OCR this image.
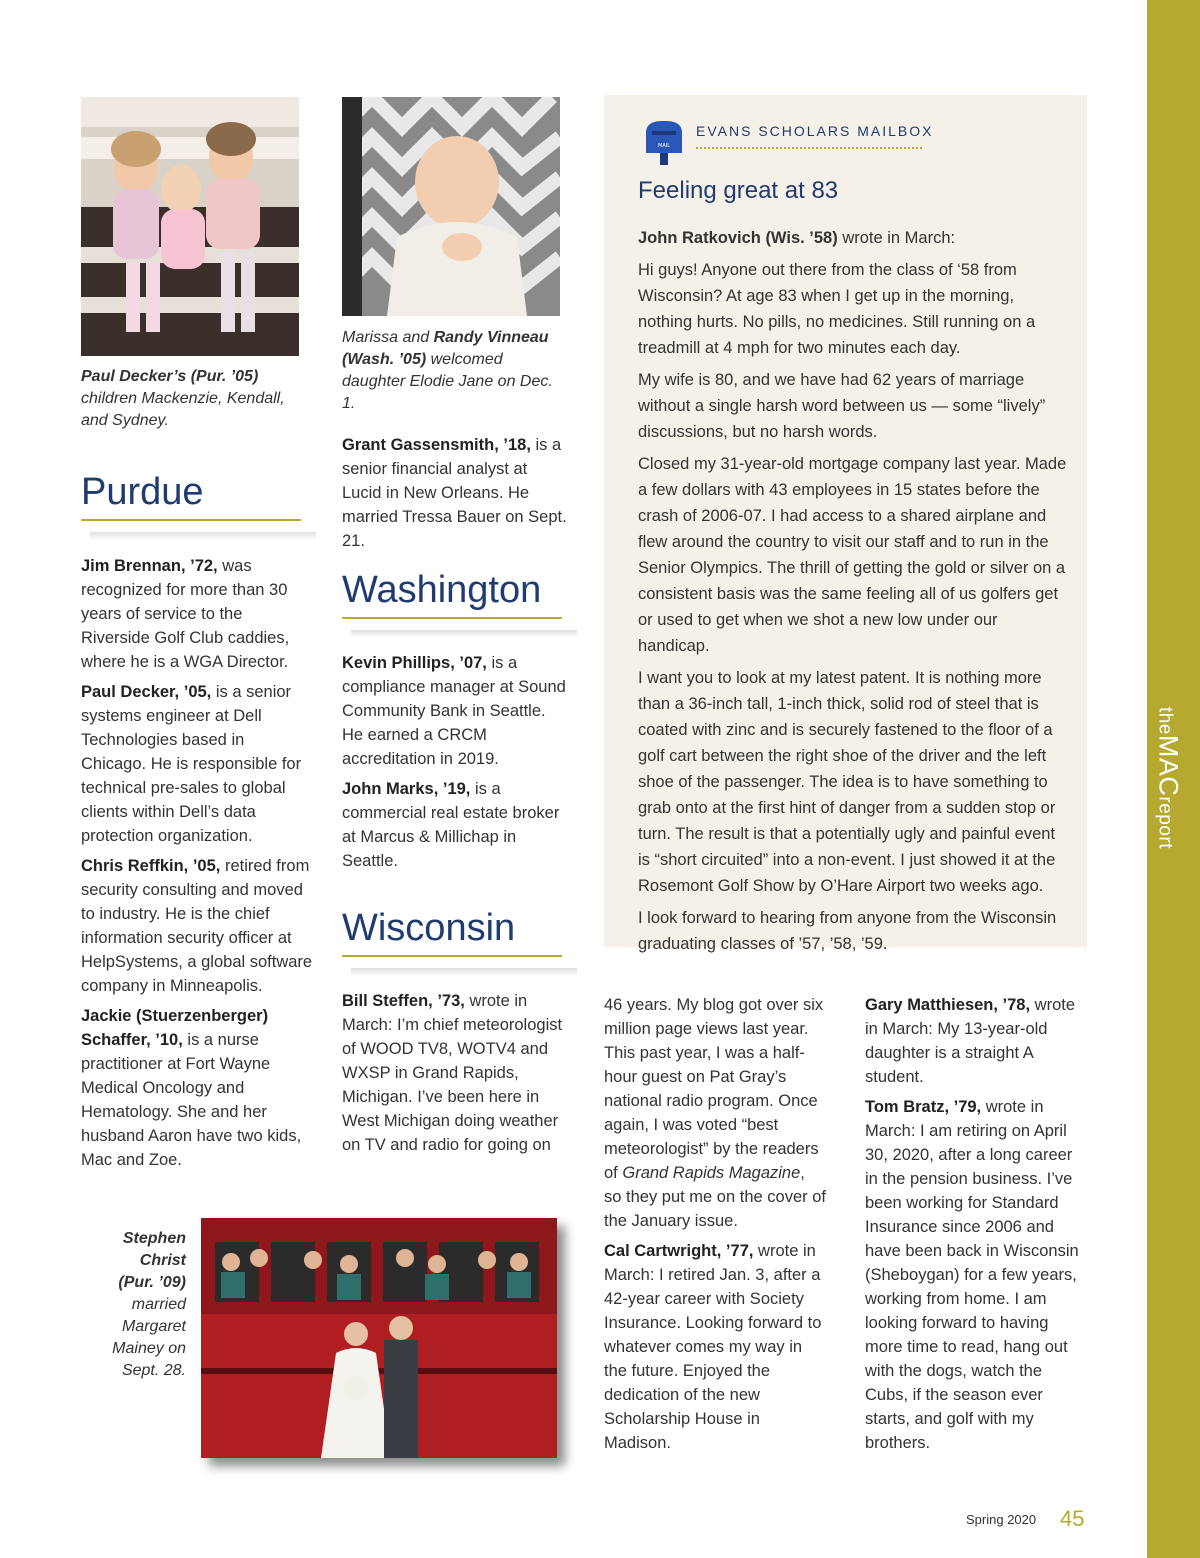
theMACreport
Paul Decker’s (Pur. ’05) children Mackenzie, Kendall, and Sydney.
Marissa and Randy Vinneau (Wash. ’05) welcomed daughter Elodie Jane on Dec. 1.
Purdue

Jim Brennan, ’72, was recognized for more than 30 years of service to the Riverside Golf Club caddies, where he is a WGA Director.

Paul Decker, ’05, is a senior systems engineer at Dell Technologies based in Chicago. He is responsible for technical pre-sales to global clients within Dell’s data protection organization.

Chris Reffkin, ’05, retired from security consulting and moved to industry. He is the chief information security officer at HelpSystems, a global software company in Minneapolis.

Jackie (Stuerzenberger) Schaffer, ’10, is a nurse practitioner at Fort Wayne Medical Oncology and Hematology. She and her husband Aaron have two kids, Mac and Zoe.

Grant Gassensmith, ’18, is a senior financial analyst at Lucid in New Orleans. He married Tressa Bauer on Sept. 21.

Washington

Kevin Phillips, ’07, is a compliance manager at Sound Community Bank in Seattle. He earned a CRCM accreditation in 2019.

John Marks, ’19, is a commercial real estate broker at Marcus & Millichap in Seattle.

Wisconsin

Bill Steffen, ’73, wrote in March: I’m chief meteorologist of WOOD TV8, WOTV4 and WXSP in Grand Rapids, Michigan. I’ve been here in West Michigan doing weather on TV and radio for going on

46 years. My blog got over six million page views last year. This past year, I was a half-hour guest on Pat Gray’s national radio program. Once again, I was voted “best meteorologist” by the readers of Grand Rapids Magazine, so they put me on the cover of the January issue.

Cal Cartwright, ’77, wrote in March: I retired Jan. 3, after a 42-year career with Society Insurance. Looking forward to whatever comes my way in the future. Enjoyed the dedication of the new Scholarship House in Madison.

Gary Matthiesen, ’78, wrote in March: My 13-year-old daughter is a straight A student.

Tom Bratz, ’79, wrote in March: I am retiring on April 30, 2020, after a long career in the pension business. I’ve been working for Standard Insurance since 2006 and have been back in Wisconsin (Sheboygan) for a few years, working from home. I am looking forward to having more time to read, hang out with the dogs, watch the Cubs, if the season ever starts, and golf with my brothers.

MAIL
EVANS SCHOLARS MAILBOX
Feeling great at 83

John Ratkovich (Wis. ’58) wrote in March:

Hi guys! Anyone out there from the class of ‘58 from Wisconsin? At age 83 when I get up in the morning, nothing hurts. No pills, no medicines. Still running on a treadmill at 4 mph for two minutes each day.

My wife is 80, and we have had 62 years of marriage without a single harsh word between us — some “lively” discussions, but no harsh words.

Closed my 31-year-old mortgage company last year. Made a few dollars with 43 employees in 15 states before the crash of 2006-07. I had access to a shared airplane and flew around the country to visit our staff and to run in the Senior Olympics. The thrill of getting the gold or silver on a consistent basis was the same feeling all of us golfers get or used to get when we shot a new low under our handicap.

I want you to look at my latest patent. It is nothing more than a 36-inch tall, 1-inch thick, solid rod of steel that is coated with zinc and is securely fastened to the floor of a golf cart between the right shoe of the driver and the left shoe of the passenger. The idea is to have something to grab onto at the first hint of danger from a sudden stop or turn. The result is that a potentially ugly and painful event is “short circuited” into a non-event. I just showed it at the Rosemont Golf Show by O’Hare Airport two weeks ago.

I look forward to hearing from anyone from the Wisconsin graduating classes of ’57, ’58, ’59.

Stephen Christ (Pur. ’09) married Margaret Mainey on Sept. 28.
Spring 2020 45
